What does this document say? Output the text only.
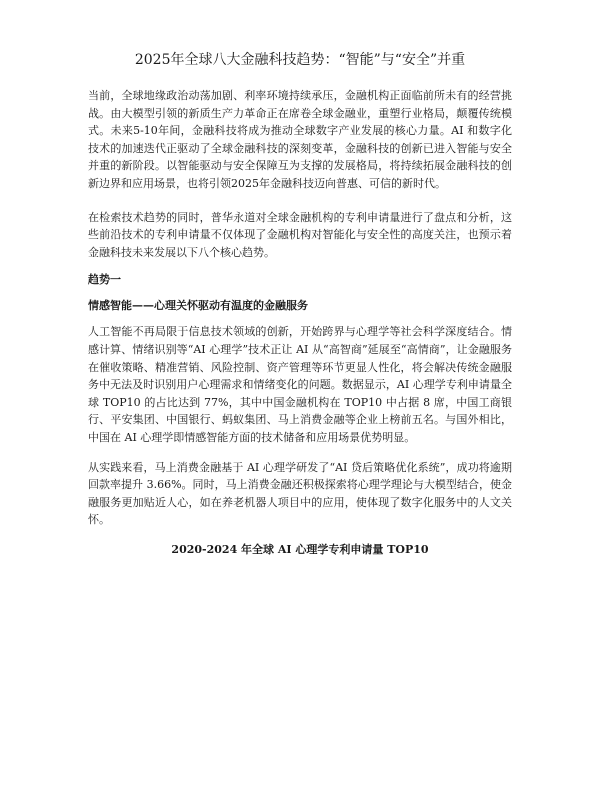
2025年全球八大金融科技趋势：“智能”与“安全”并重

当前，全球地缘政治动荡加剧、利率环境持续承压，金融机构正面临前所未有的经营挑战。由大模型引领的新质生产力革命正在席卷全球金融业，重塑行业格局，颠覆传统模式。未来5-10年间，金融科技将成为推动全球数字产业发展的核心力量。AI 和数字化技术的加速迭代正驱动了全球金融科技的深刻变革，金融科技的创新已进入智能与安全并重的新阶段。以智能驱动与安全保障互为支撑的发展格局，将持续拓展金融科技的创新边界和应用场景，也将引领2025年金融科技迈向普惠、可信的新时代。

在检索技术趋势的同时，普华永道对全球金融机构的专利申请量进行了盘点和分析，这些前沿技术的专利申请量不仅体现了金融机构对智能化与安全性的高度关注，也预示着金融科技未来发展以下八个核心趋势。

趋势一
情感智能——心理关怀驱动有温度的金融服务

人工智能不再局限于信息技术领域的创新，开始跨界与心理学等社会科学深度结合。情感计算、情绪识别等“AI 心理学”技术正让 AI 从“高智商”延展至“高情商”，让金融服务在催收策略、精准营销、风险控制、资产管理等环节更显人性化，将会解决传统金融服务中无法及时识别用户心理需求和情绪变化的问题。数据显示，AI 心理学专利申请量全球 TOP10 的占比达到 77%，其中中国金融机构在 TOP10 中占据 8 席，中国工商银行、平安集团、中国银行、蚂蚁集团、马上消费金融等企业上榜前五名。与国外相比，中国在 AI 心理学即情感智能方面的技术储备和应用场景优势明显。

从实践来看，马上消费金融基于 AI 心理学研发了“AI 贷后策略优化系统”，成功将逾期回款率提升 3.66%。同时，马上消费金融还积极探索将心理学理论与大模型结合，使金融服务更加贴近人心，如在养老机器人项目中的应用，使体现了数字化服务中的人文关怀。

2020-2024 年全球 AI 心理学专利申请量 TOP10
